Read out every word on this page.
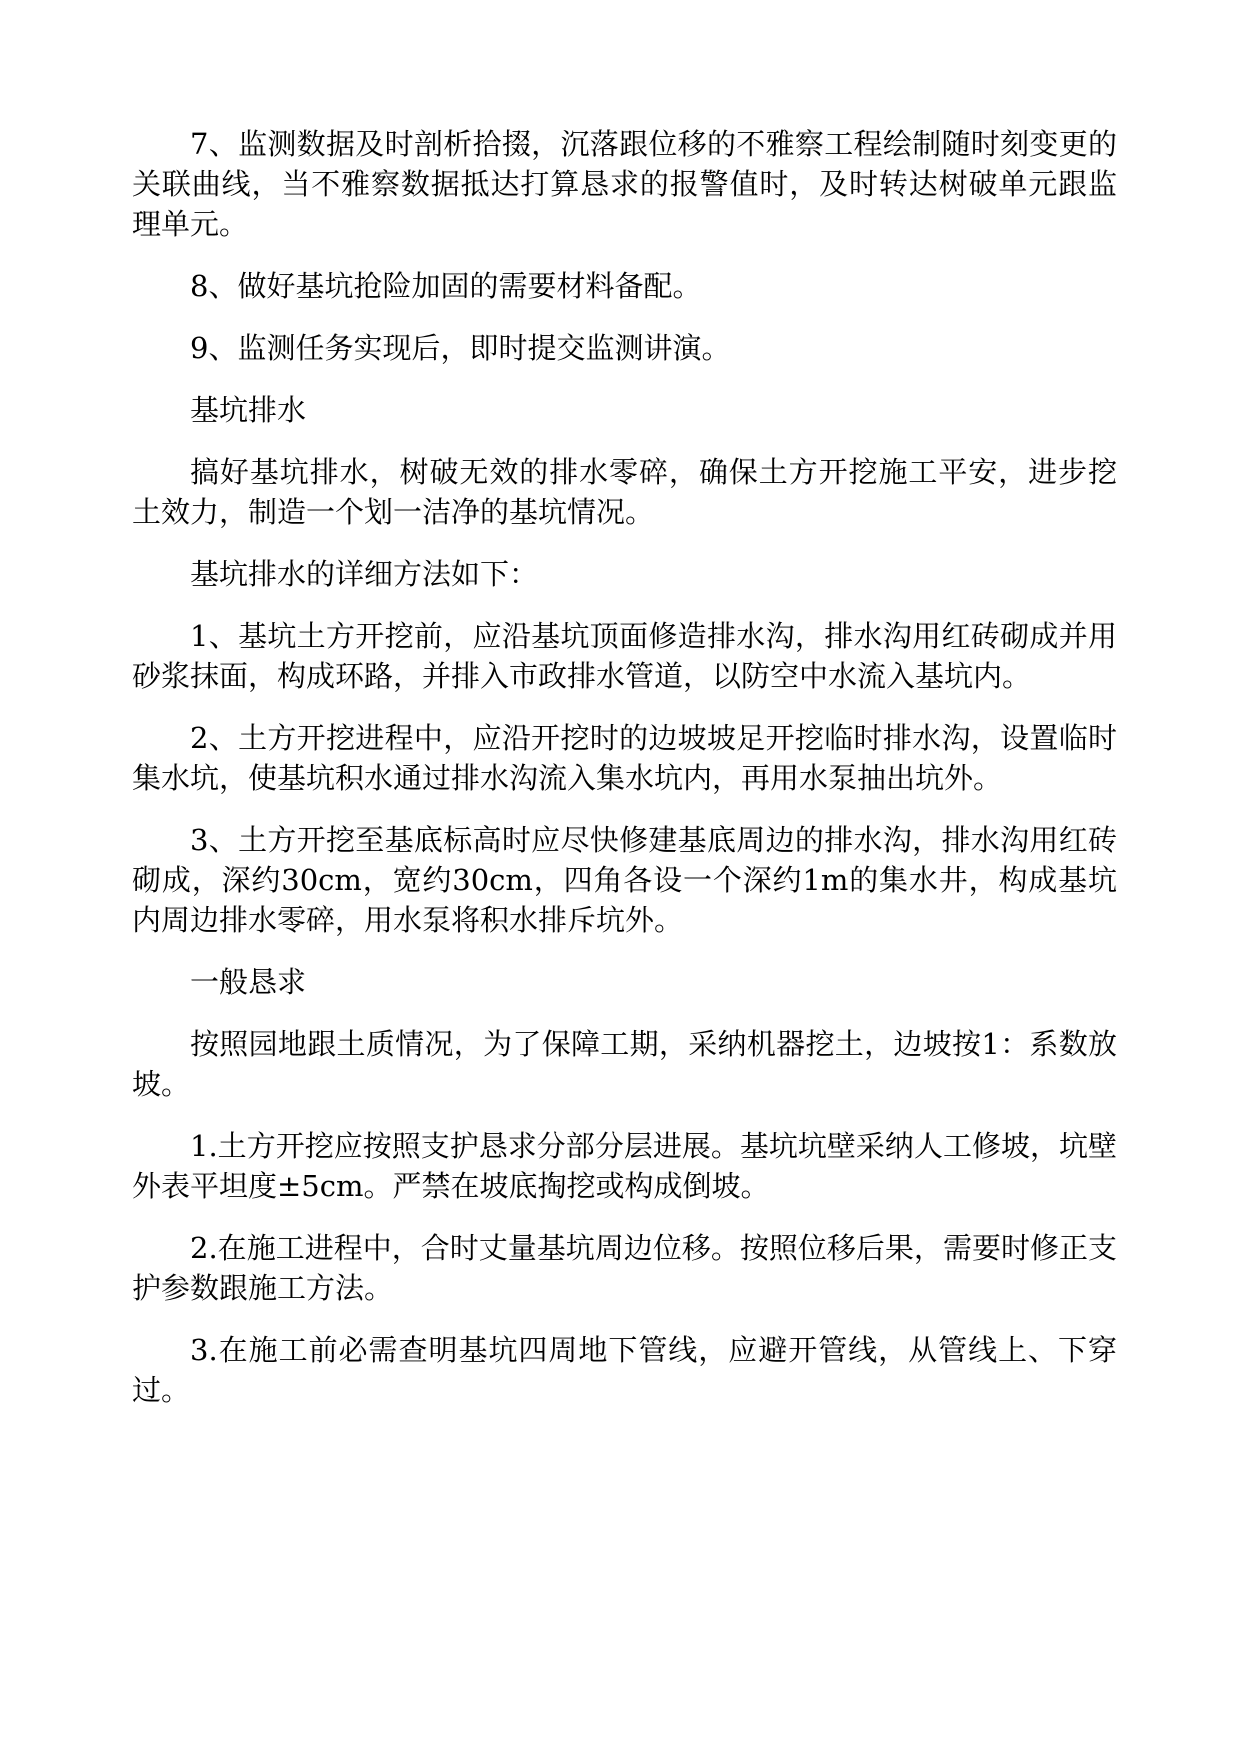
7、监测数据及时剖析拾掇，沉落跟位移的不雅察工程绘制随时刻变更的关联曲线，当不雅察数据抵达打算恳求的报警值时，及时转达树破单元跟监理单元。

8、做好基坑抢险加固的需要材料备配。

9、监测任务实现后，即时提交监测讲演。

基坑排水

搞好基坑排水，树破无效的排水零碎，确保土方开挖施工平安，进步挖土效力，制造一个划一洁净的基坑情况。

基坑排水的详细方法如下：

1、基坑土方开挖前，应沿基坑顶面修造排水沟，排水沟用红砖砌成并用砂浆抹面，构成环路，并排入市政排水管道，以防空中水流入基坑内。

2、土方开挖进程中，应沿开挖时的边坡坡足开挖临时排水沟，设置临时集水坑，使基坑积水通过排水沟流入集水坑内，再用水泵抽出坑外。

3、土方开挖至基底标高时应尽快修建基底周边的排水沟，排水沟用红砖砌成，深约30cm，宽约30cm，四角各设一个深约1m的集水井，构成基坑内周边排水零碎，用水泵将积水排斥坑外。

一般恳求

按照园地跟土质情况，为了保障工期，采纳机器挖土，边坡按1：系数放坡。

1.土方开挖应按照支护恳求分部分层进展。基坑坑壁采纳人工修坡，坑壁外表平坦度±5cm。严禁在坡底掏挖或构成倒坡。

2.在施工进程中，合时丈量基坑周边位移。按照位移后果，需要时修正支护参数跟施工方法。

3.在施工前必需查明基坑四周地下管线，应避开管线，从管线上、下穿过。
